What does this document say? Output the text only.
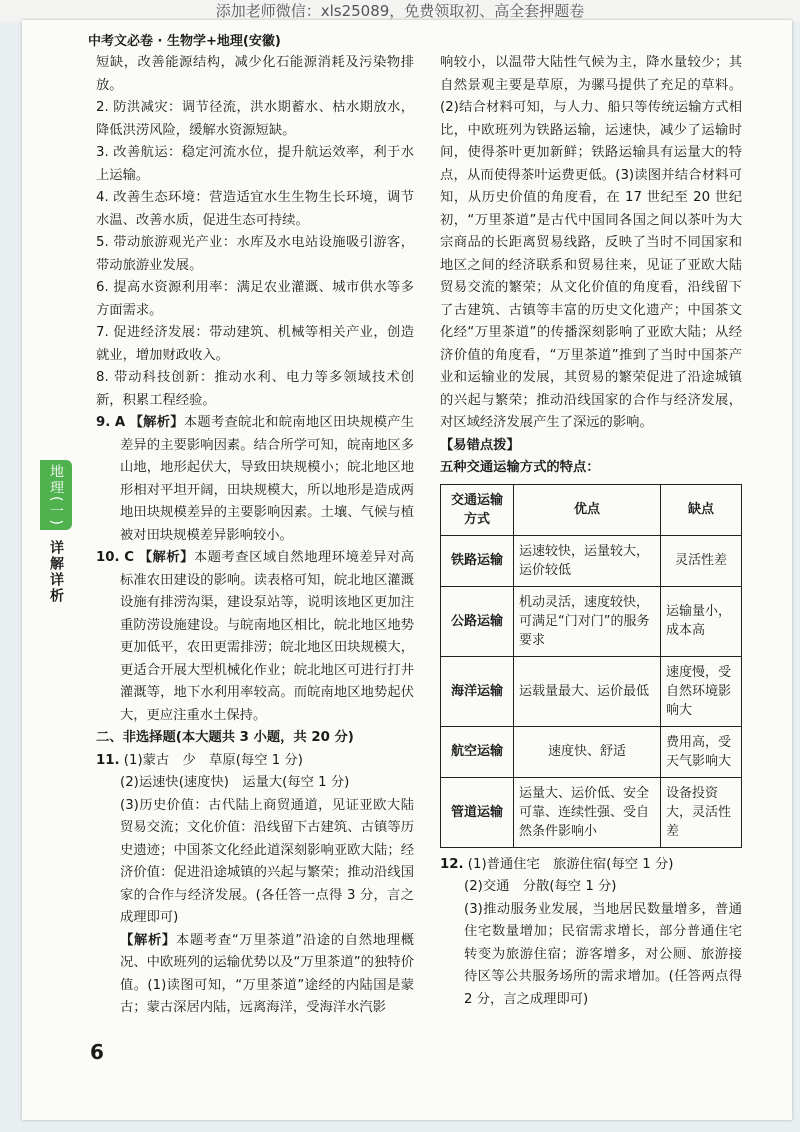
添加老师微信：xls25089，免费领取初、高全套押题卷
中考文必卷 · 生物学+地理(安徽)
地理(一)
详解详析

短缺，改善能源结构，减少化石能源消耗及污染物排放。

2. 防洪减灾：调节径流，洪水期蓄水、枯水期放水，降低洪涝风险，缓解水资源短缺。

3. 改善航运：稳定河流水位，提升航运效率，利于水上运输。

4. 改善生态环境：营造适宜水生生物生长环境，调节水温、改善水质，促进生态可持续。

5. 带动旅游观光产业：水库及水电站设施吸引游客，带动旅游业发展。

6. 提高水资源利用率：满足农业灌溉、城市供水等多方面需求。

7. 促进经济发展：带动建筑、机械等相关产业，创造就业，增加财政收入。

8. 带动科技创新：推动水利、电力等多领域技术创新，积累工程经验。

9. A 【解析】本题考查皖北和皖南地区田块规模产生差异的主要影响因素。结合所学可知，皖南地区多山地，地形起伏大，导致田块规模小；皖北地区地形相对平坦开阔，田块规模大，所以地形是造成两地田块规模差异的主要影响因素。土壤、气候与植被对田块规模差异影响较小。

10. C 【解析】本题考查区域自然地理环境差异对高标准农田建设的影响。读表格可知，皖北地区灌溉设施有排涝沟渠，建设泵站等，说明该地区更加注重防涝设施建设。与皖南地区相比，皖北地区地势更加低平，农田更需排涝；皖北地区田块规模大，更适合开展大型机械化作业；皖北地区可进行打井灌溉等，地下水利用率较高。而皖南地区地势起伏大，更应注重水土保持。

二、非选择题(本大题共 3 小题，共 20 分)

11. (1)蒙古　少　草原(每空 1 分)

(2)运速快(速度快)　运量大(每空 1 分)

(3)历史价值：古代陆上商贸通道，见证亚欧大陆贸易交流；文化价值：沿线留下古建筑、古镇等历史遗迹；中国茶文化经此道深刻影响亚欧大陆；经济价值：促进沿途城镇的兴起与繁荣；推动沿线国家的合作与经济发展。(各任答一点得 3 分，言之成理即可)

【解析】本题考查“万里茶道”沿途的自然地理概况、中欧班列的运输优势以及“万里茶道”的独特价值。(1)读图可知，“万里茶道”途经的内陆国是蒙古；蒙古深居内陆，远离海洋，受海洋水汽影

响较小，以温带大陆性气候为主，降水量较少；其自然景观主要是草原，为骡马提供了充足的草料。(2)结合材料可知，与人力、船只等传统运输方式相比，中欧班列为铁路运输，运速快，减少了运输时间，使得茶叶更加新鲜；铁路运输具有运量大的特点，从而使得茶叶运费更低。(3)读图并结合材料可知，从历史价值的角度看，在 17 世纪至 20 世纪初，“万里茶道”是古代中国同各国之间以茶叶为大宗商品的长距离贸易线路，反映了当时不同国家和地区之间的经济联系和贸易往来，见证了亚欧大陆贸易交流的繁荣；从文化价值的角度看，沿线留下了古建筑、古镇等丰富的历史文化遗产；中国茶文化经“万里茶道”的传播深刻影响了亚欧大陆；从经济价值的角度看，“万里茶道”推到了当时中国茶产业和运输业的发展，其贸易的繁荣促进了沿途城镇的兴起与繁荣；推动沿线国家的合作与经济发展，对区域经济发展产生了深远的影响。

【易错点拨】

五种交通运输方式的特点：

交通运输方式	优点	缺点
铁路运输	运速较快，运量较大，运价较低	灵活性差
公路运输	机动灵活，速度较快，可满足“门对门”的服务要求	运输量小，成本高
海洋运输	运载量最大、运价最低	速度慢，受自然环境影响大
航空运输	速度快、舒适	费用高，受天气影响大
管道运输	运量大、运价低、安全可靠、连续性强、受自然条件影响小	设备投资大，灵活性差

12. (1)普通住宅　旅游住宿(每空 1 分)

(2)交通　分散(每空 1 分)

(3)推动服务业发展，当地居民数量增多，普通住宅数量增加；民宿需求增长，部分普通住宅转变为旅游住宿；游客增多，对公厕、旅游接待区等公共服务场所的需求增加。(任答两点得 2 分，言之成理即可)

6
